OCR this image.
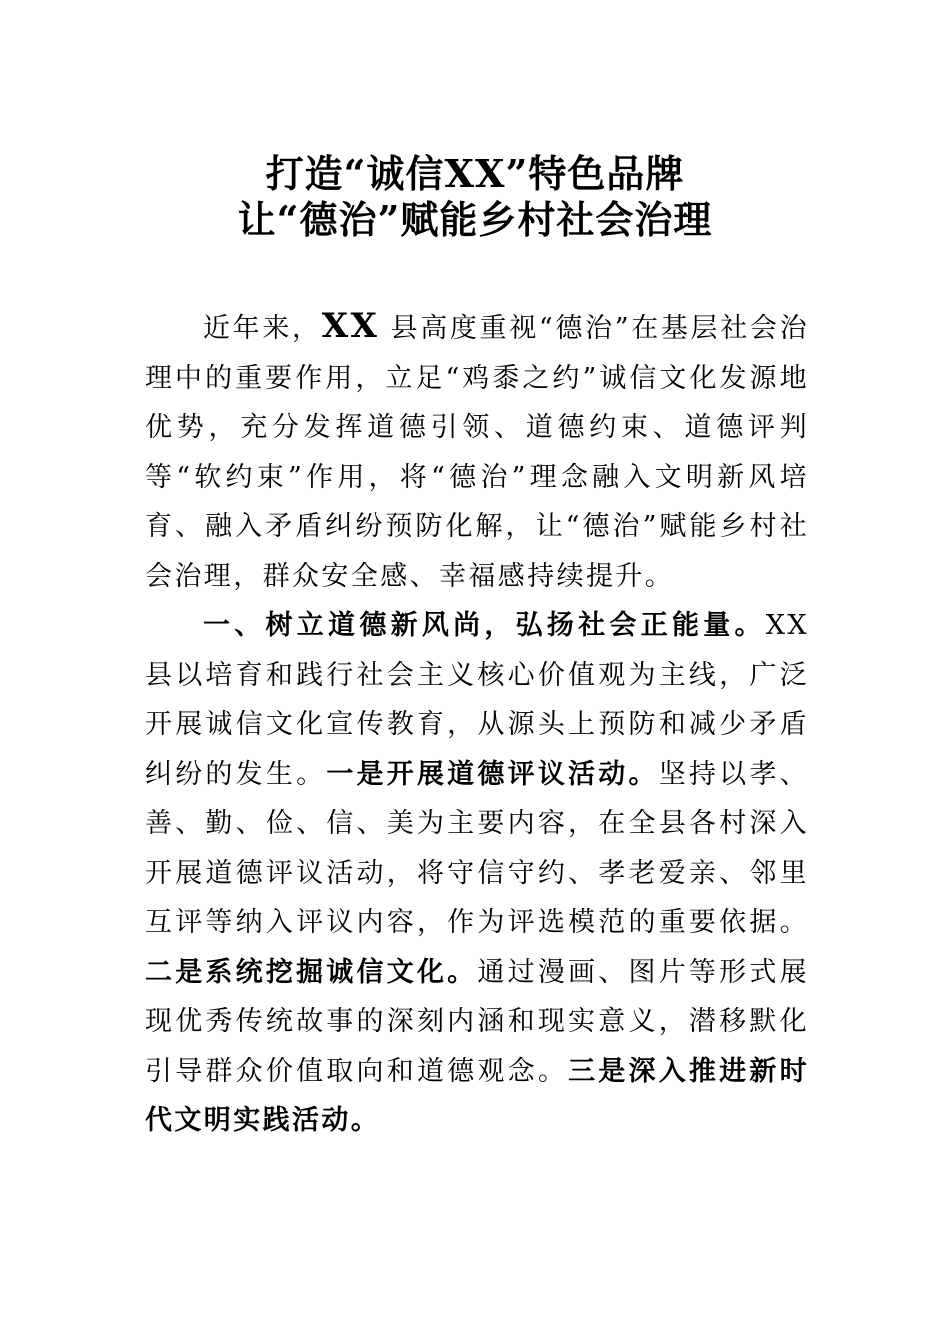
打造“诚信XX”特色品牌
让“德治”赋能乡村社会治理

近年来，XX 县高度重视“德治”在基层社会治理中的重要作用，立足“鸡黍之约”诚信文化发源地优势，充分发挥道德引领、道德约束、道德评判等“软约束”作用，将“德治”理念融入文明新风培育、融入矛盾纠纷预防化解，让“德治”赋能乡村社会治理，群众安全感、幸福感持续提升。

一、树立道德新风尚，弘扬社会正能量。XX 县以培育和践行社会主义核心价值观为主线，广泛开展诚信文化宣传教育，从源头上预防和减少矛盾纠纷的发生。一是开展道德评议活动。坚持以孝、善、勤、俭、信、美为主要内容，在全县各村深入开展道德评议活动，将守信守约、孝老爱亲、邻里互评等纳入评议内容，作为评选模范的重要依据。二是系统挖掘诚信文化。通过漫画、图片等形式展现优秀传统故事的深刻内涵和现实意义，潜移默化引导群众价值取向和道德观念。三是深入推进新时代文明实践活动。
